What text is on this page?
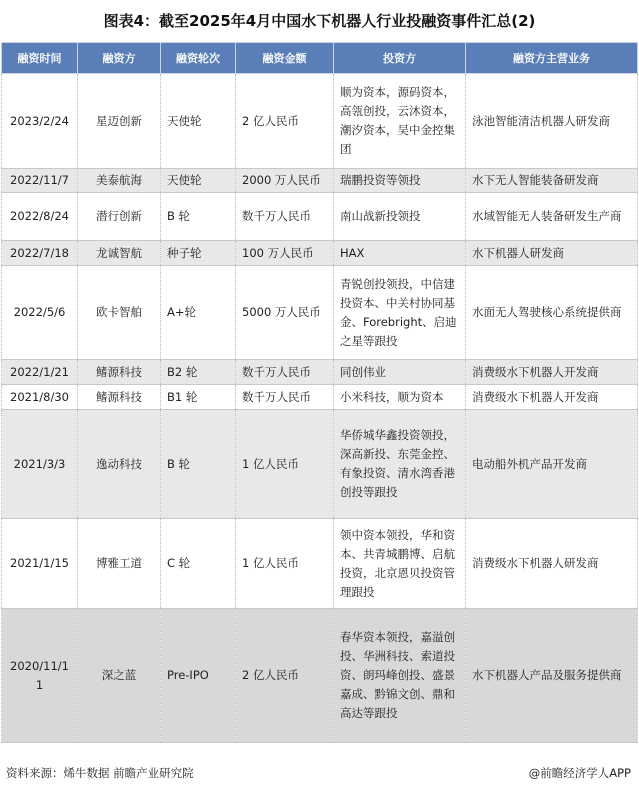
图表4：截至2025年4月中国水下机器人行业投融资事件汇总(2)
融资时间	融资方	融资轮次	融资金额	投资方	融资方主营业务
2023/2/24	星迈创新	天使轮	2 亿人民币	顺为资本，源码资本，高瓴创投，云沐资本，潮汐资本，吴中金控集团	泳池智能清洁机器人研发商
2022/11/7	美泰航海	天使轮	2000 万人民币	瑞鹏投资等领投	水下无人智能装备研发商
2022/8/24	潜行创新	B 轮	数千万人民币	南山战新投领投	水域智能无人装备研发生产商
2022/7/18	龙诚智航	种子轮	100 万人民币	HAX	水下机器人研发商
2022/5/6	欧卡智舶	A+轮	5000 万人民币	青锐创投领投，中信建投资本、中关村协同基金、Forebright、启迪之星等跟投	水面无人驾驶核心系统提供商
2022/1/21	鳍源科技	B2 轮	数千万人民币	同创伟业	消费级水下机器人开发商
2021/8/30	鳍源科技	B1 轮	数千万人民币	小米科技，顺为资本	消费级水下机器人开发商
2021/3/3	逸动科技	B 轮	1 亿人民币	华侨城华鑫投资领投，深高新投、东莞金控、有象投资、清水湾香港创投等跟投	电动船外机产品开发商
2021/1/15	博雅工道	C 轮	1 亿人民币	领中资本领投，华和资本、共青城鹏博、启航投资，北京恩贝投资管理跟投	消费级水下机器人研发商
2020/11/11	深之蓝	Pre-IPO	2 亿人民币	春华资本领投，嘉溢创投、华洲科技、索道投资、朗玛峰创投、盛景嘉成、黔锦文创、鼎和高达等跟投	水下机器人产品及服务提供商
资料来源：烯牛数据 前瞻产业研究院	@前瞻经济学人APP
